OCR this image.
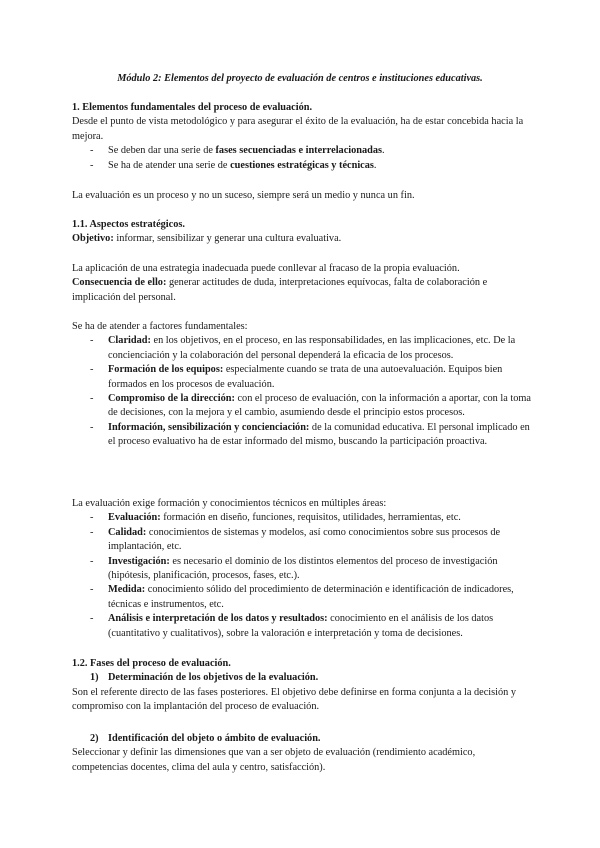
Módulo 2: Elementos del proyecto de evaluación de centros e instituciones educativas.

1. Elementos fundamentales del proceso de evaluación.

Desde el punto de vista metodológico y para asegurar el éxito de la evaluación, ha de estar concebida hacia la mejora.

- Se deben dar una serie de fases secuenciadas e interrelacionadas.
- Se ha de atender una serie de cuestiones estratégicas y técnicas.

La evaluación es un proceso y no un suceso, siempre será un medio y nunca un fin.

1.1. Aspectos estratégicos.

Objetivo: informar, sensibilizar y generar una cultura evaluativa.

La aplicación de una estrategia inadecuada puede conllevar al fracaso de la propia evaluación.

Consecuencia de ello: generar actitudes de duda, interpretaciones equívocas, falta de colaboración e implicación del personal.

Se ha de atender a factores fundamentales:

- Claridad: en los objetivos, en el proceso, en las responsabilidades, en las implicaciones, etc. De la concienciación y la colaboración del personal dependerá la eficacia de los procesos.
- Formación de los equipos: especialmente cuando se trata de una autoevaluación. Equipos bien formados en los procesos de evaluación.
- Compromiso de la dirección: con el proceso de evaluación, con la información a aportar, con la toma de decisiones, con la mejora y el cambio, asumiendo desde el principio estos procesos.
- Información, sensibilización y concienciación: de la comunidad educativa. El personal implicado en el proceso evaluativo ha de estar informado del mismo, buscando la participación proactiva.

La evaluación exige formación y conocimientos técnicos en múltiples áreas:

- Evaluación: formación en diseño, funciones, requisitos, utilidades, herramientas, etc.
- Calidad: conocimientos de sistemas y modelos, así como conocimientos sobre sus procesos de implantación, etc.
- Investigación: es necesario el dominio de los distintos elementos del proceso de investigación (hipótesis, planificación, procesos, fases, etc.).
- Medida: conocimiento sólido del procedimiento de determinación e identificación de indicadores, técnicas e instrumentos, etc.
- Análisis e interpretación de los datos y resultados: conocimiento en el análisis de los datos (cuantitativo y cualitativos), sobre la valoración e interpretación y toma de decisiones.

1.2. Fases del proceso de evaluación.

1) Determinación de los objetivos de la evaluación.

Son el referente directo de las fases posteriores. El objetivo debe definirse en forma conjunta a la decisión y compromiso con la implantación del proceso de evaluación.

2) Identificación del objeto o ámbito de evaluación.

Seleccionar y definir las dimensiones que van a ser objeto de evaluación (rendimiento académico, competencias docentes, clima del aula y centro, satisfacción).
